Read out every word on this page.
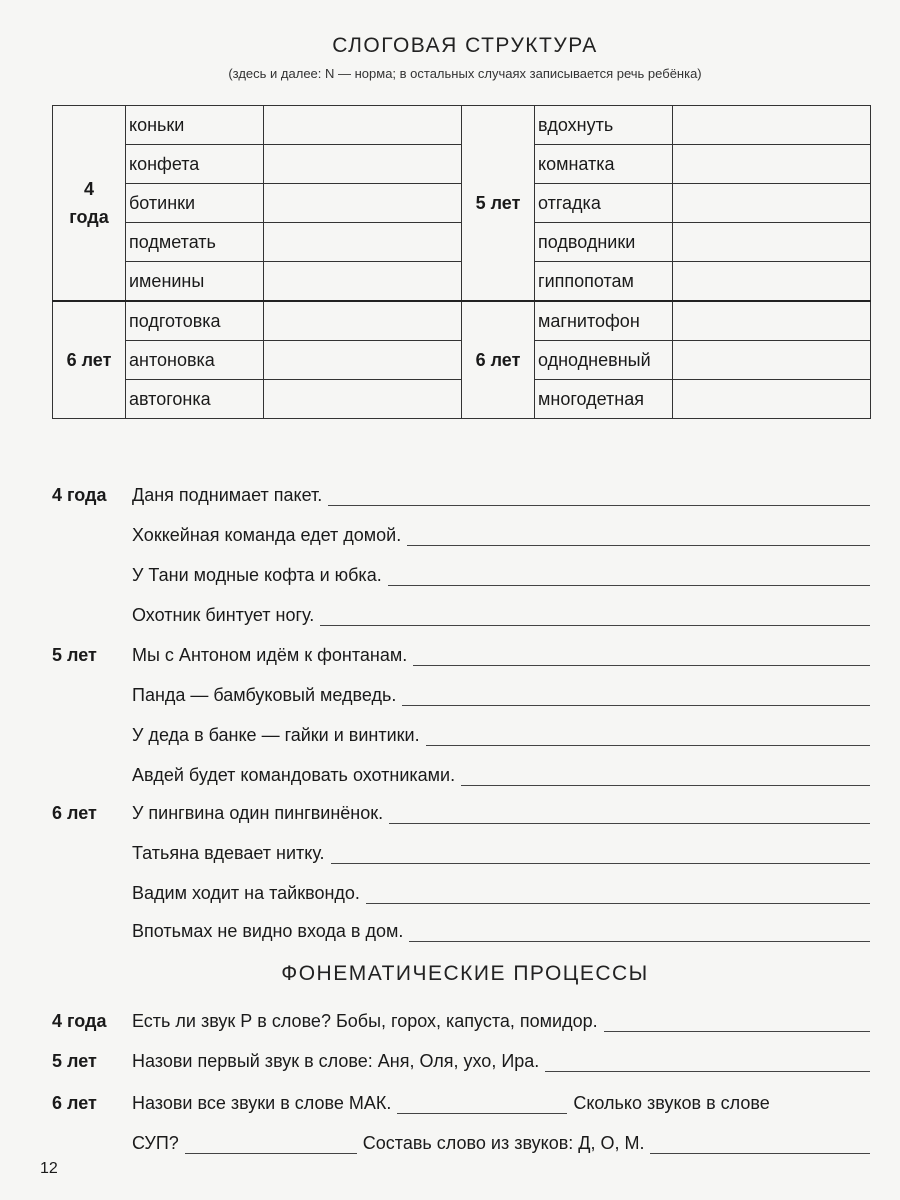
СЛОГОВАЯ СТРУКТУРА
(здесь и далее: N — норма; в остальных случаях записывается речь ребёнка)
4
года	коньки		5 лет	вдохнуть	
	конфета			комнатка	
	ботинки			отгадка	
	подметать			подводники	
	именины			гиппопотам	
6 лет	подготовка		6 лет	магнитофон	
	антоновка			однодневный	
	автогонка			многодетная	
4 года	Даня поднимает пакет.
Хоккейная команда едет домой.
У Тани модные кофта и юбка.
Охотник бинтует ногу.
5 лет	Мы с Антоном идём к фонтанам.
Панда — бамбуковый медведь.
У деда в банке — гайки и винтики.
Авдей будет командовать охотниками.
6 лет	У пингвина один пингвинёнок.
Татьяна вдевает нитку.
Вадим ходит на тайквондо.
Впотьмах не видно входа в дом.
ФОНЕМАТИЧЕСКИЕ ПРОЦЕССЫ
4 года	Есть ли звук Р в слове? Бобы, горох, капуста, помидор.
5 лет	Назови первый звук в слове: Аня, Оля, ухо, Ира.
6 лет	Назови все звуки в слове МАК.	Сколько звуков в слове
СУП?	Составь слово из звуков: Д, О, М.
12
